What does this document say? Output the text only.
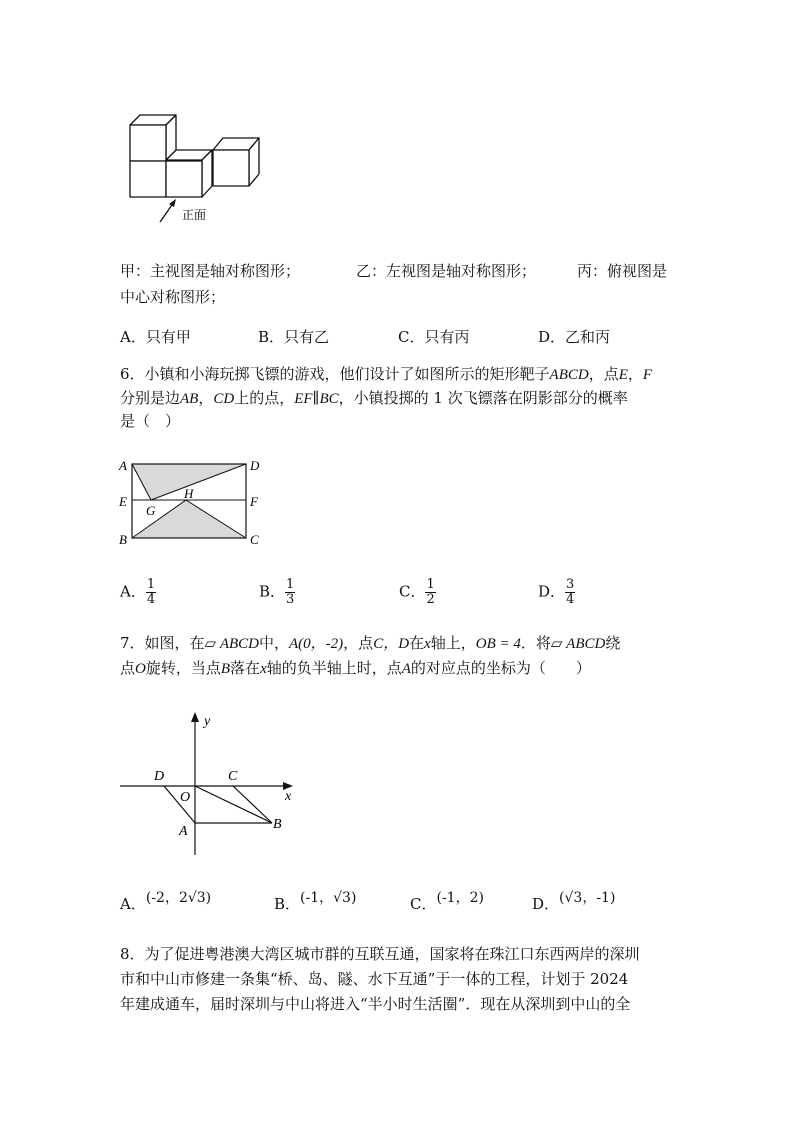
正面
甲：主视图是轴对称图形；	乙：左视图是轴对称图形；	丙：俯视图是
中心对称图形；
A．只有甲	B．只有乙	C．只有丙	D．乙和丙
6．小镇和小海玩掷飞镖的游戏，他们设计了如图所示的矩形靶子ABCD，点E，F
分别是边AB，CD上的点，EF∥BC，小镇投掷的 1 次飞镖落在阴影部分的概率
是（　）
A	D
E	F
G
H
B	C
A． $\frac{1}{4}$	B． $\frac{1}{3}$	C． $\frac{1}{2}$	D． $\frac{3}{4}$
7．如图，在▱ ABCD中，A(0，-2)，点C，D在x轴上，OB = 4．将▱ ABCD绕
点O旋转，当点B落在x轴的负半轴上时，点A的对应点的坐标为（　　）
y
x
O
D	C
A	B
A．(-2，2√3)	B．(-1，√3)	C．(-1，2)	D．(√3，-1)
8．为了促进粤港澳大湾区城市群的互联互通，国家将在珠江口东西两岸的深圳
市和中山市修建一条集“桥、岛、隧、水下互通”于一体的工程，计划于 2024
年建成通车，届时深圳与中山将进入“半小时生活圈”．现在从深圳到中山的全
